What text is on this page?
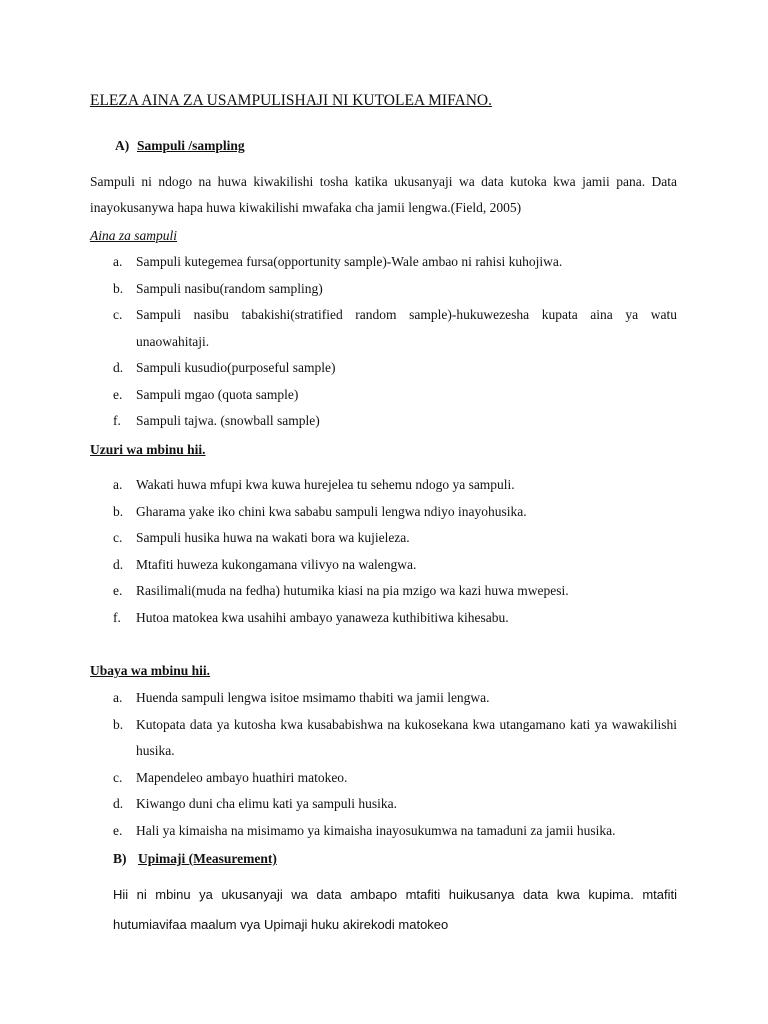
ELEZA AINA ZA USAMPULISHAJI NI KUTOLEA MIFANO.
A) Sampuli /sampling
Sampuli ni ndogo na huwa kiwakilishi tosha katika ukusanyaji wa data kutoka kwa jamii pana. Data inayokusanywa hapa huwa kiwakilishi mwafaka cha jamii lengwa.(Field, 2005)
Aina za sampuli
a. Sampuli kutegemea fursa(opportunity sample)-Wale ambao ni rahisi kuhojiwa.
b. Sampuli nasibu(random sampling)
c. Sampuli nasibu tabakishi(stratified random sample)-hukuwezesha kupata aina ya watu unaowahitaji.
d. Sampuli kusudio(purposeful sample)
e. Sampuli mgao (quota sample)
f. Sampuli tajwa. (snowball sample)
Uzuri wa mbinu hii.
a. Wakati huwa mfupi kwa kuwa hurejelea tu sehemu ndogo ya sampuli.
b. Gharama yake iko chini kwa sababu sampuli lengwa ndiyo inayohusika.
c. Sampuli husika huwa na wakati bora wa kujieleza.
d. Mtafiti huweza kukongamana vilivyo na walengwa.
e. Rasilimali(muda na fedha) hutumika kiasi na pia mzigo wa kazi huwa mwepesi.
f. Hutoa matokea kwa usahihi ambayo yanaweza kuthibitiwa kihesabu.
Ubaya wa mbinu hii.
a. Huenda sampuli lengwa isitoe msimamo thabiti wa jamii lengwa.
b. Kutopata data ya kutosha kwa kusababishwa na kukosekana kwa utangamano kati ya wawakilishi husika.
c. Mapendeleo ambayo huathiri matokeo.
d. Kiwango duni cha elimu kati ya sampuli husika.
e. Hali ya kimaisha na misimamo ya kimaisha inayosukumwa na tamaduni za jamii husika.
B) Upimaji (Measurement)
Hii ni mbinu ya ukusanyaji wa data ambapo mtafiti huikusanya data kwa kupima. mtafiti hutumiavifaa maalum vya Upimaji huku akirekodi matokeo
